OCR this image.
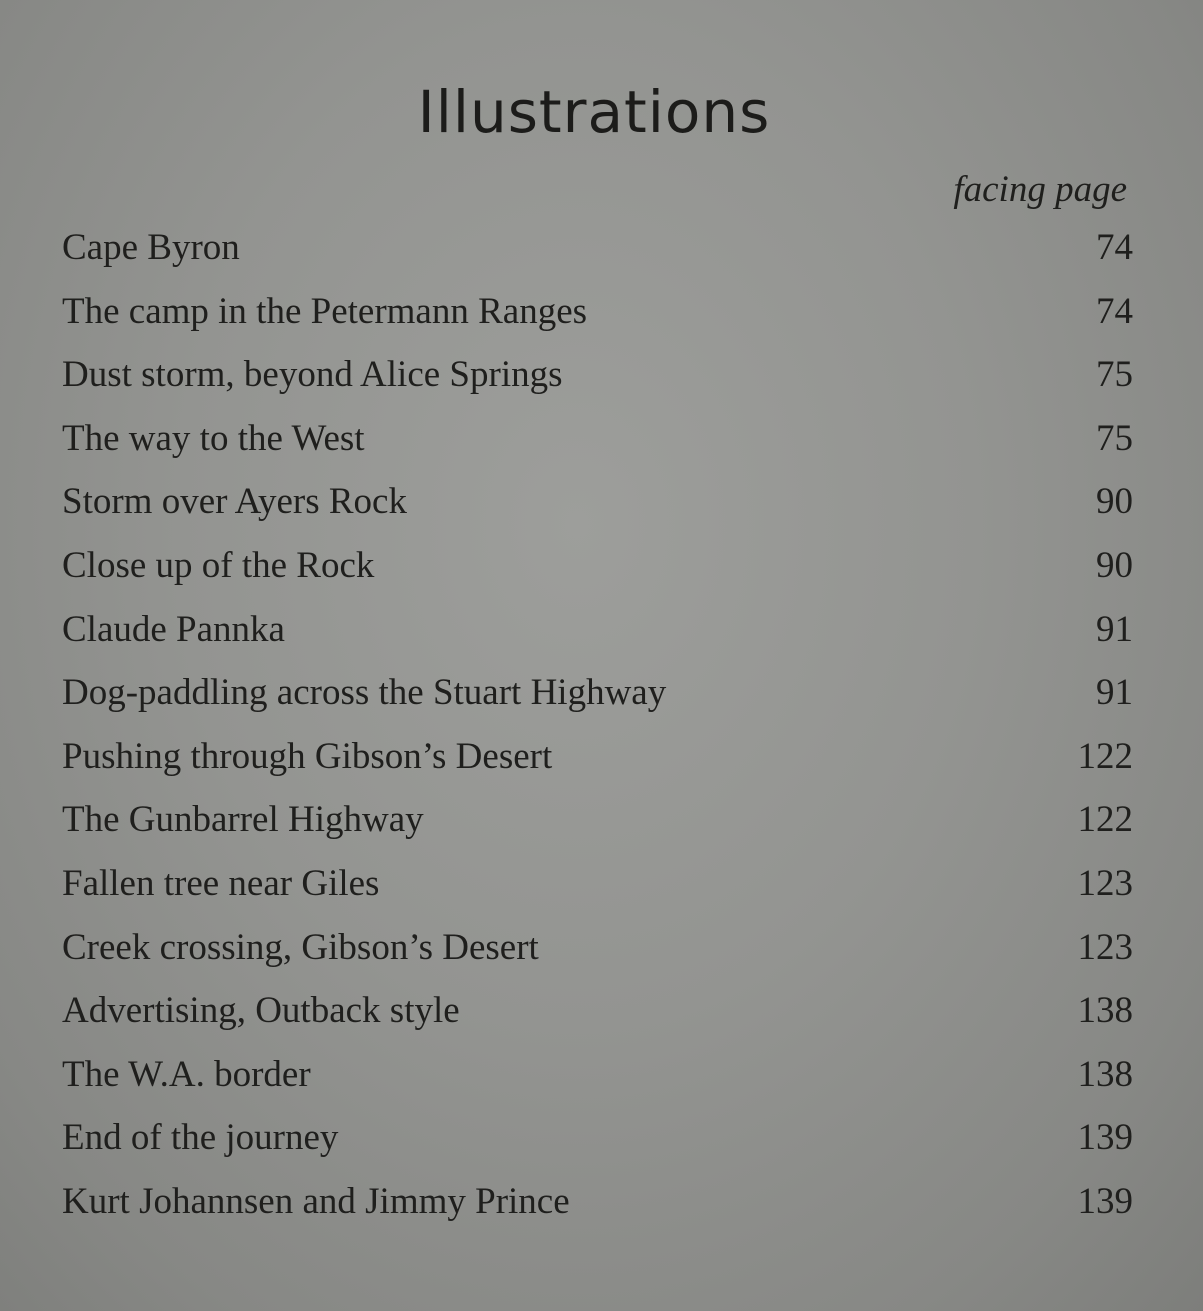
Illustrations
facing page
Cape Byron	74
The camp in the Petermann Ranges	74
Dust storm, beyond Alice Springs	75
The way to the West	75
Storm over Ayers Rock	90
Close up of the Rock	90
Claude Pannka	91
Dog-paddling across the Stuart Highway	91
Pushing through Gibson’s Desert	122
The Gunbarrel Highway	122
Fallen tree near Giles	123
Creek crossing, Gibson’s Desert	123
Advertising, Outback style	138
The W.A. border	138
End of the journey	139
Kurt Johannsen and Jimmy Prince	139
